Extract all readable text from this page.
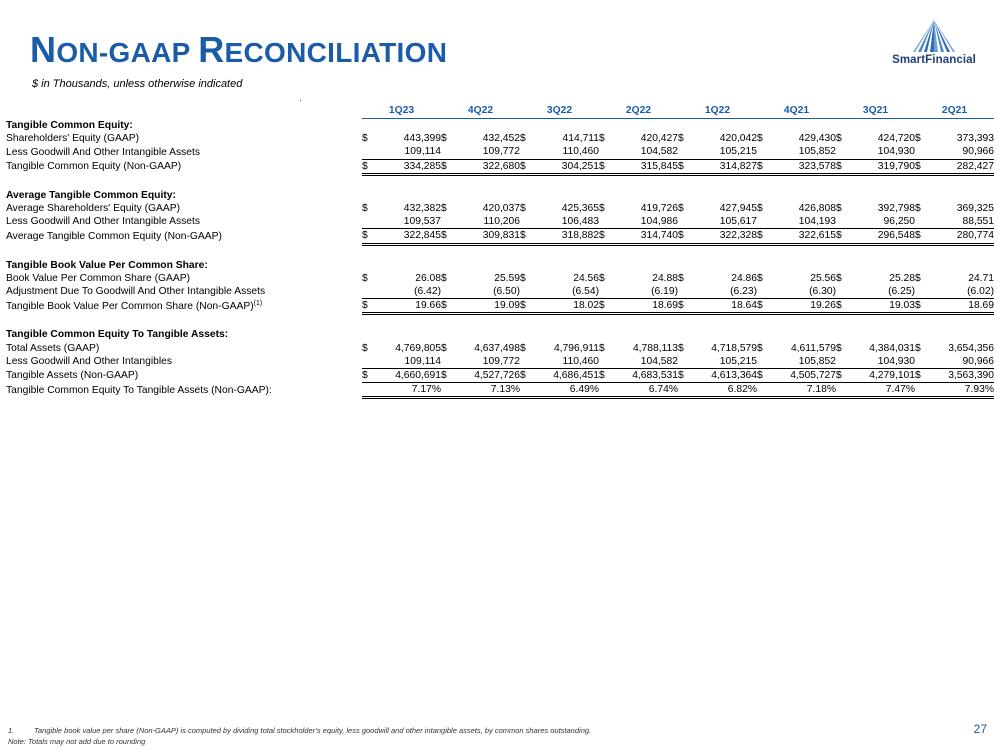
NON-GAAP RECONCILIATION
$ in Thousands, unless otherwise indicated
SmartFinancial
	1Q23		4Q22		3Q22		2Q22		1Q22		4Q21		3Q21		2Q21	
Tangible Common Equity:																
Shareholders' Equity (GAAP)	$	443,399	$	432,452	$	414,711	$	420,427	$	420,042	$	429,430	$	424,720	$	373,393
Less Goodwill And Other Intangible Assets		109,114		109,772		110,460		104,582		105,215		105,852		104,930		90,966
Tangible Common Equity (Non-GAAP)	$	334,285	$	322,680	$	304,251	$	315,845	$	314,827	$	323,578	$	319,790	$	282,427

Average Tangible Common Equity:																
Average Shareholders' Equity (GAAP)	$	432,382	$	420,037	$	425,365	$	419,726	$	427,945	$	426,808	$	392,798	$	369,325
Less Goodwill And Other Intangible Assets		109,537		110,206		106,483		104,986		105,617		104,193		96,250		88,551
Average Tangible Common Equity (Non-GAAP)	$	322,845	$	309,831	$	318,882	$	314,740	$	322,328	$	322,615	$	296,548	$	280,774

Tangible Book Value Per Common Share:																
Book Value Per Common Share (GAAP)	$	26.08	$	25.59	$	24.56	$	24.88	$	24.86	$	25.56	$	25.28	$	24.71
Adjustment Due To Goodwill And Other Intangible Assets		(6.42)		(6.50)		(6.54)		(6.19)		(6.23)		(6.30)		(6.25)		(6.02)
Tangible Book Value Per Common Share (Non-GAAP)$^{(1)}$	$	19.66	$	19.09	$	18.02	$	18.69	$	18.64	$	19.26	$	19.03	$	18.69

Tangible Common Equity To Tangible Assets:																
Total Assets (GAAP)	$	4,769,805	$	4,637,498	$	4,796,911	$	4,788,113	$	4,718,579	$	4,611,579	$	4,384,031	$	3,654,356
Less Goodwill And Other Intangibles		109,114		109,772		110,460		104,582		105,215		105,852		104,930		90,966
Tangible Assets (Non-GAAP)	$	4,660,691	$	4,527,726	$	4,686,451	$	4,683,531	$	4,613,364	$	4,505,727	$	4,279,101	$	3,563,390
Tangible Common Equity To Tangible Assets (Non-GAAP):		7.17%		7.13%		6.49%		6.74%		6.82%		7.18%		7.47%		7.93%
1.	Tangible book value per share (Non-GAAP) is computed by dividing total stockholder’s equity, less goodwill and other intangible assets, by common shares outstanding.
Note: Totals may not add due to rounding
27
